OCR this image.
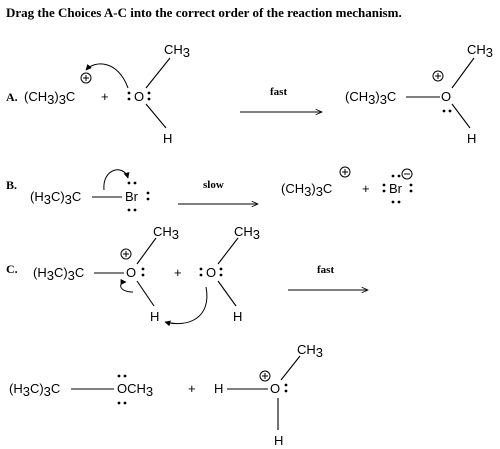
Drag the Choices A-C into the correct order of the reaction mechanism.
A. (CH3)3C + O
CH3
H
fast	(CH3)3C	O
CH3
H
B.
(H3C)3C	Br
slow	(CH3)3C + Br
C. (H3C)3C	O
CH3
H
+ O
CH3
H
fast
(H3C)3C	OCH3	+ H	O
CH3
H
